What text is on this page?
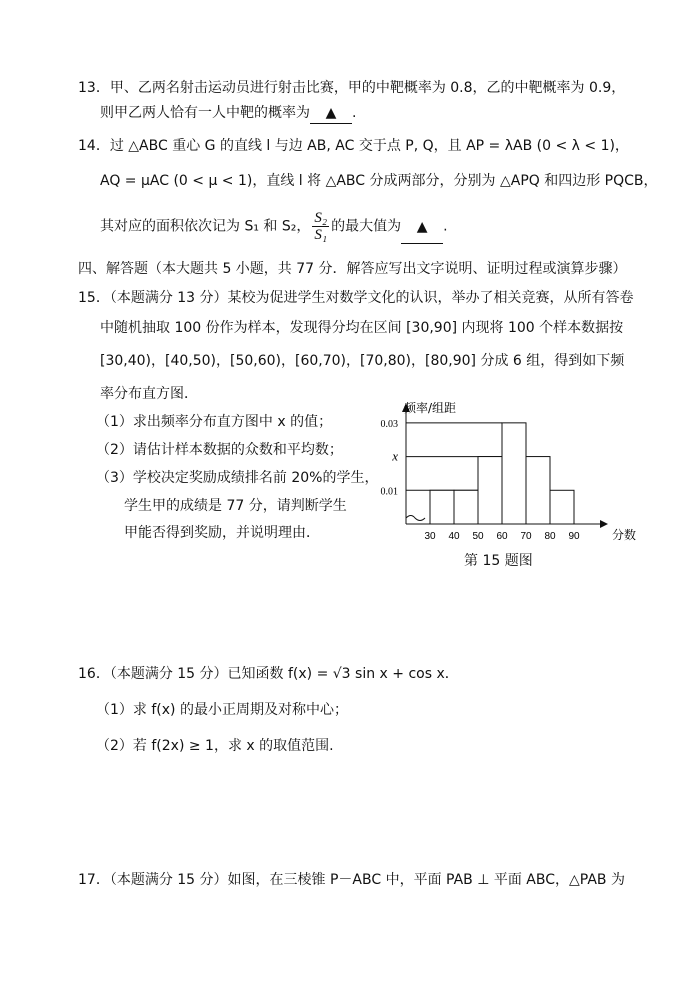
13．甲、乙两名射击运动员进行射击比赛，甲的中靶概率为 0.8，乙的中靶概率为 0.9，
则甲乙两人恰有一人中靶的概率为 ▲ .
14．过 △ABC 重心 G 的直线 l 与边 AB, AC 交于点 P, Q，且 AP = λAB (0 < λ < 1)，
AQ = μAC (0 < μ < 1)，直线 l 将 △ABC 分成两部分，分别为 △APQ 和四边形 PQCB，
其对应的面积依次记为 S₁ 和 S₂， $\frac{\text{S₂}}{\text{S₁}}$ 的最大值为 ▲ .
四、解答题（本大题共 5 小题，共 77 分．解答应写出文字说明、证明过程或演算步骤）
15．（本题满分 13 分）某校为促进学生对数学文化的认识，举办了相关竞赛，从所有答卷
中随机抽取 100 份作为样本，发现得分均在区间 [30,90] 内现将 100 个样本数据按
[30,40)，[40,50)，[50,60)，[60,70)，[70,80)，[80,90] 分成 6 组，得到如下频
率分布直方图．
（1）求出频率分布直方图中 x 的值；
（2）请估计样本数据的众数和平均数；
（3）学校决定奖励成绩排名前 20%的学生，
学生甲的成绩是 77 分，请判断学生
甲能否得到奖励，并说明理由．
0.03
x
0.01
30 40 50 60 70 80 90
频率/组距
分数
第 15 题图
16．（本题满分 15 分）已知函数 f(x) = √3 sin x + cos x．
（1）求 f(x) 的最小正周期及对称中心；
（2）若 f(2x) ≥ 1，求 x 的取值范围.
17．（本题满分 15 分）如图，在三棱锥 P－ABC 中，平面 PAB ⊥ 平面 ABC，△PAB 为
